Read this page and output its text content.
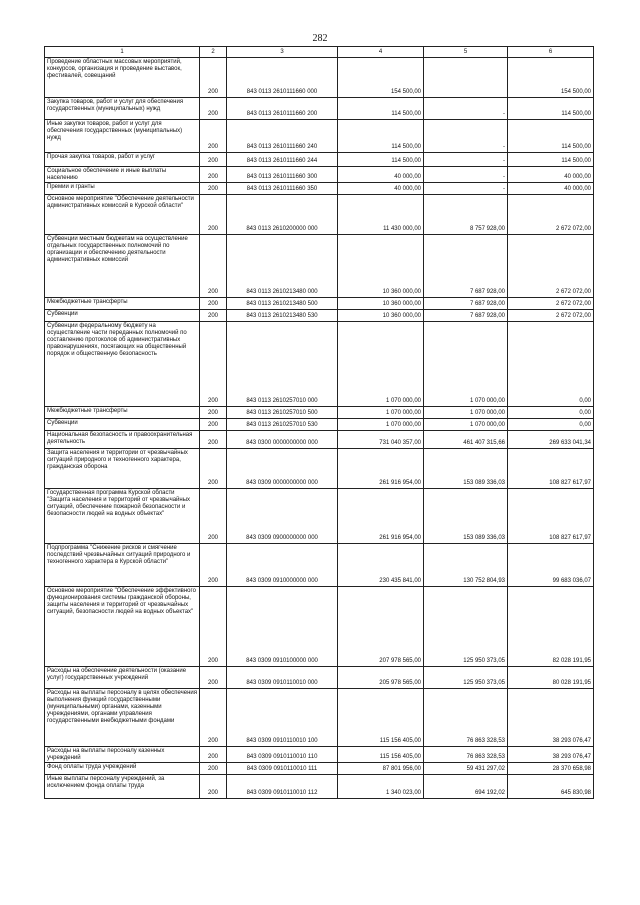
282
1	2	3	4	5	6
Проведение областных массовых мероприятий, конкурсов, организация и проведение выставок, фестивалей, совещаний	200	843 0113 2610111660 000	154 500,00		154 500,00
Закупка товаров, работ и услуг для обеспечения государственных (муниципальных) нужд	200	843 0113 2610111660 200	114 500,00	-	114 500,00
Иные закупки товаров, работ и услуг для обеспечения государственных (муниципальных) нужд	200	843 0113 2610111660 240	114 500,00	-	114 500,00
Прочая закупка товаров, работ и услуг	200	843 0113 2610111660 244	114 500,00	-	114 500,00
Социальное обеспечение и иные выплаты населению	200	843 0113 2610111660 300	40 000,00	-	40 000,00
Премии и гранты	200	843 0113 2610111660 350	40 000,00	-	40 000,00
Основное мероприятие "Обеспечение деятельности административных комиссий в Курской области"	200	843 0113 2610200000 000	11 430 000,00	8 757 928,00	2 672 072,00
Субвенции местным бюджетам на осуществление отдельных государственных полномочий по организации и обеспечению деятельности административных комиссий	200	843 0113 2610213480 000	10 360 000,00	7 687 928,00	2 672 072,00
Межбюджетные трансферты	200	843 0113 2610213480 500	10 360 000,00	7 687 928,00	2 672 072,00
Субвенции	200	843 0113 2610213480 530	10 360 000,00	7 687 928,00	2 672 072,00
Субвенции федеральному бюджету на осуществление части переданных полномочий по составлению протоколов об административных правонарушениях, посягающих на общественный порядок и общественную безопасность	200	843 0113 2610257010 000	1 070 000,00	1 070 000,00	0,00
Межбюджетные трансферты	200	843 0113 2610257010 500	1 070 000,00	1 070 000,00	0,00
Субвенции	200	843 0113 2610257010 530	1 070 000,00	1 070 000,00	0,00
Национальная безопасность и правоохранительная деятельность	200	843 0300 0000000000 000	731 040 357,00	461 407 315,66	269 633 041,34
Защита населения и территории от чрезвычайных ситуаций природного и техногенного характера, гражданская оборона	200	843 0309 0000000000 000	261 916 954,00	153 089 336,03	108 827 617,97
Государственная программа Курской области "Защита населения и территорий от чрезвычайных ситуаций, обеспечение пожарной безопасности и безопасности людей на водных объектах"	200	843 0309 0900000000 000	261 916 954,00	153 089 336,03	108 827 617,97
Подпрограмма "Снижение рисков и смягчение последствий чрезвычайных ситуаций природного и техногенного характера в Курской области"	200	843 0309 0910000000 000	230 435 841,00	130 752 804,93	99 683 036,07
Основное мероприятие "Обеспечение эффективного функционирования системы гражданской обороны, защиты населения и территорий от чрезвычайных ситуаций, безопасности людей на водных объектах"	200	843 0309 0910100000 000	207 978 565,00	125 950 373,05	82 028 191,95
Расходы на обеспечение деятельности (оказание услуг) государственных учреждений	200	843 0309 0910110010 000	205 978 565,00	125 950 373,05	80 028 191,95
Расходы на выплаты персоналу в целях обеспечения выполнения функций государственными (муниципальными) органами, казенными учреждениями, органами управления государственными внебюджетными фондами	200	843 0309 0910110010 100	115 156 405,00	76 863 328,53	38 293 076,47
Расходы на выплаты персоналу казенных учреждений	200	843 0309 0910110010 110	115 156 405,00	76 863 328,53	38 293 076,47
Фонд оплаты труда учреждений	200	843 0309 0910110010 111	87 801 956,00	59 431 297,02	28 370 658,98
Иные выплаты персоналу учреждений, за исключением фонда оплаты труда	200	843 0309 0910110010 112	1 340 023,00	694 192,02	645 830,98
